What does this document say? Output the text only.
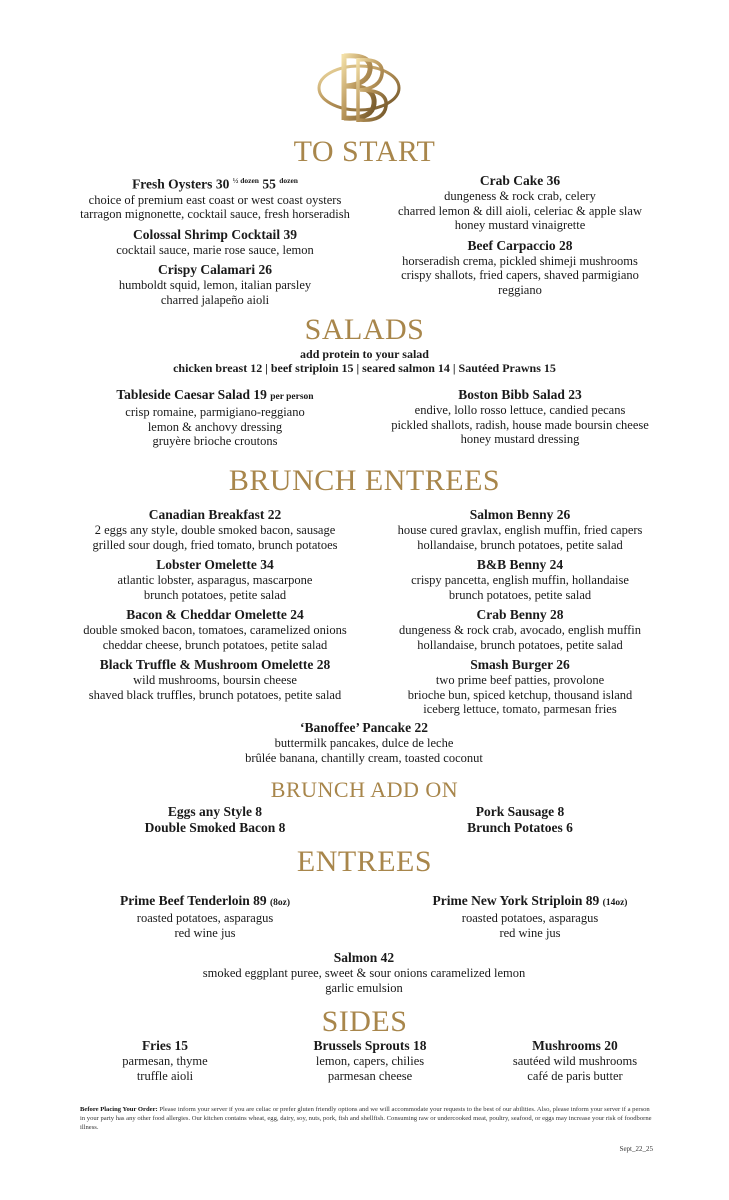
TO START
Fresh Oysters 30 $^{\frac{1}{2} dozen}$ 55 $^{dozen}$
choice of premium east coast or west coast oysters
tarragon mignonette, cocktail sauce, fresh horseradish
Colossal Shrimp Cocktail 39
cocktail sauce, marie rose sauce, lemon
Crispy Calamari 26
humboldt squid, lemon, italian parsley
charred jalapeño aioli
Crab Cake 36
dungeness & rock crab, celery
charred lemon & dill aioli, celeriac & apple slaw
honey mustard vinaigrette
Beef Carpaccio 28
horseradish crema, pickled shimeji mushrooms
crispy shallots, fried capers, shaved parmigiano
reggiano
SALADS
add protein to your salad
chicken breast 12 | beef striploin 15 | seared salmon 14 | Sautéed Prawns 15
Tableside Caesar Salad 19 per person
crisp romaine, parmigiano-reggiano
lemon & anchovy dressing
gruyère brioche croutons
Boston Bibb Salad 23
endive, lollo rosso lettuce, candied pecans
pickled shallots, radish, house made boursin cheese
honey mustard dressing
BRUNCH ENTREES
Canadian Breakfast 22
2 eggs any style, double smoked bacon, sausage
grilled sour dough, fried tomato, brunch potatoes
Lobster Omelette 34
atlantic lobster, asparagus, mascarpone
brunch potatoes, petite salad
Bacon & Cheddar Omelette 24
double smoked bacon, tomatoes, caramelized onions
cheddar cheese, brunch potatoes, petite salad
Black Truffle & Mushroom Omelette 28
wild mushrooms, boursin cheese
shaved black truffles, brunch potatoes, petite salad
Salmon Benny 26
house cured gravlax, english muffin, fried capers
hollandaise, brunch potatoes, petite salad
B&B Benny 24
crispy pancetta, english muffin, hollandaise
brunch potatoes, petite salad
Crab Benny 28
dungeness & rock crab, avocado, english muffin
hollandaise, brunch potatoes, petite salad
Smash Burger 26
two prime beef patties, provolone
brioche bun, spiced ketchup, thousand island
iceberg lettuce, tomato, parmesan fries
‘Banoffee’ Pancake 22
buttermilk pancakes, dulce de leche
brûlée banana, chantilly cream, toasted coconut
BRUNCH ADD ON
Eggs any Style 8
Double Smoked Bacon 8
Pork Sausage 8
Brunch Potatoes 6
ENTREES
Prime Beef Tenderloin 89 (8oz)
roasted potatoes, asparagus
red wine jus
Prime New York Striploin 89 (14oz)
roasted potatoes, asparagus
red wine jus
Salmon 42
smoked eggplant puree, sweet & sour onions caramelized lemon
garlic emulsion
SIDES
Fries 15
parmesan, thyme
truffle aioli
Brussels Sprouts 18
lemon, capers, chilies
parmesan cheese
Mushrooms 20
sautéed wild mushrooms
café de paris butter
Before Placing Your Order: Please inform your server if you are celiac or prefer gluten friendly options and we will accommodate your requests to the best of our abilities. Also, please inform your server if a person in your party has any other food allergies. Our kitchen contains wheat, egg, dairy, soy, nuts, pork, fish and shellfish. Consuming raw or undercooked meat, poultry, seafood, or eggs may increase your risk of foodborne illness.
Sept_22_25
